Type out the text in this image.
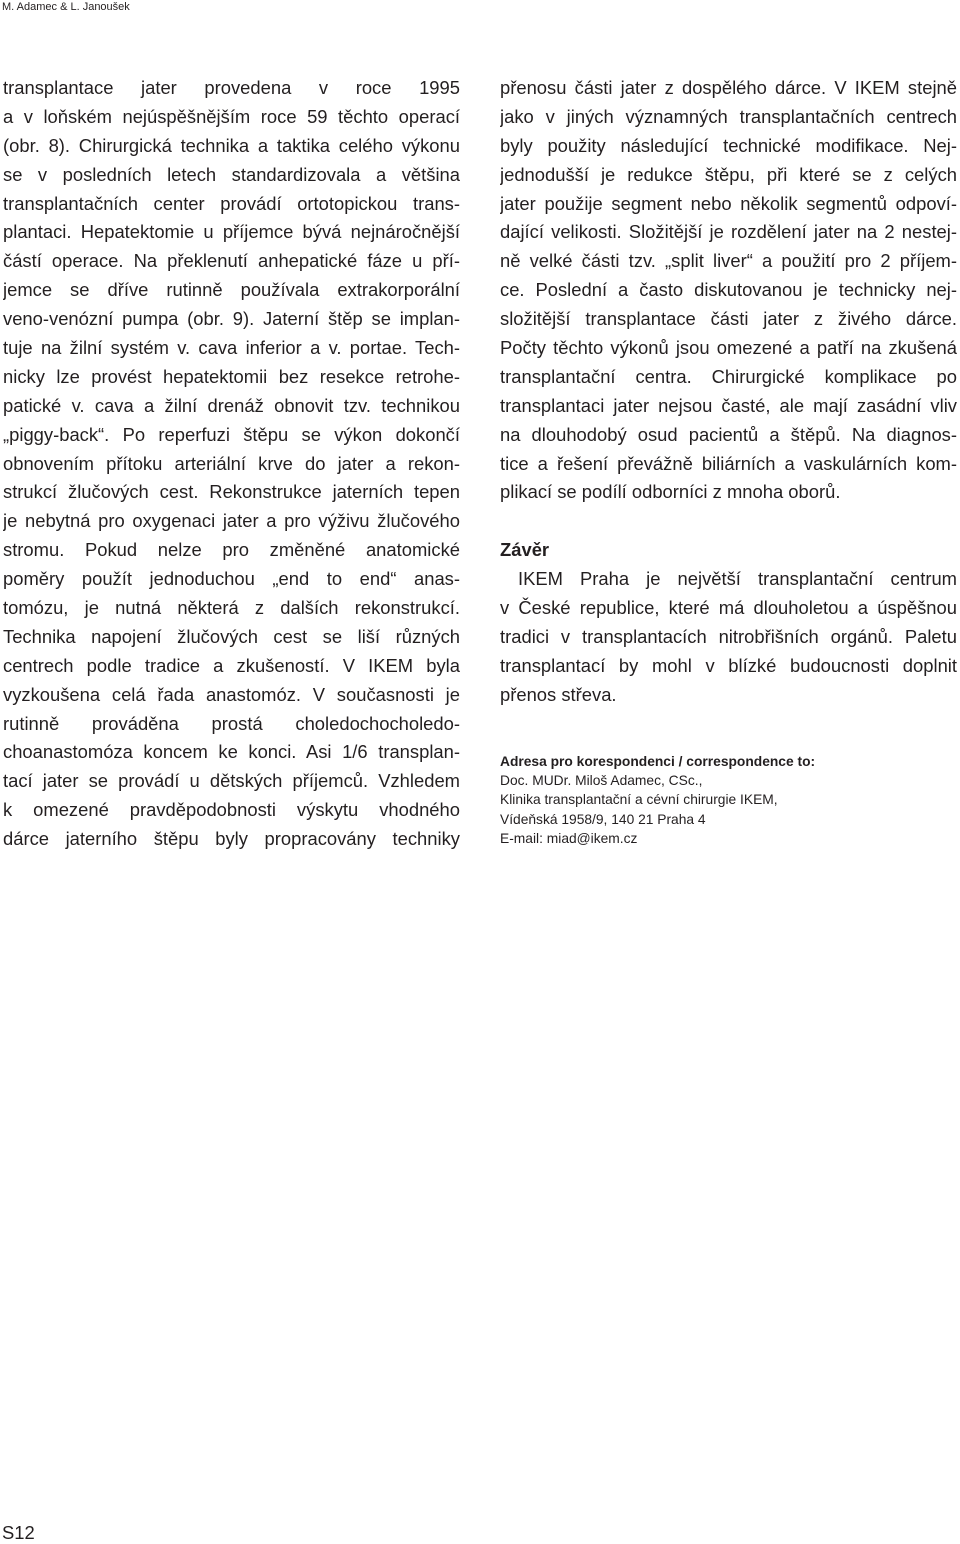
M. Adamec & L. Janoušek
transplantace jater provedena v roce 1995
a v loňském nejúspěšnějším roce 59 těchto operací
(obr. 8). Chirurgická technika a taktika celého výkonu
se v posledních letech standardizovala a většina
transplantačních center provádí ortotopickou trans-
plantaci. Hepatektomie u příjemce bývá nejnáročnější
částí operace. Na překlenutí anhepatické fáze u pří-
jemce se dříve rutinně používala extrakorporální
veno-venózní pumpa (obr. 9). Jaterní štěp se implan-
tuje na žilní systém v. cava inferior a v. portae. Tech-
nicky lze provést hepatektomii bez resekce retrohe-
patické v. cava a žilní drenáž obnovit tzv. technikou
„piggy-back“. Po reperfuzi štěpu se výkon dokončí
obnovením přítoku arteriální krve do jater a rekon-
strukcí žlučových cest. Rekonstrukce jaterních tepen
je nebytná pro oxygenaci jater a pro výživu žlučového
stromu. Pokud nelze pro změněné anatomické
poměry použít jednoduchou „end to end“ anas-
tomózu, je nutná některá z dalších rekonstrukcí.
Technika napojení žlučových cest se liší různých
centrech podle tradice a zkušeností. V IKEM byla
vyzkoušena celá řada anastomóz. V současnosti je
rutinně prováděna prostá choledochocholedo-
choanastomóza koncem ke konci. Asi 1/6 transplan-
tací jater se provádí u dětských příjemců. Vzhledem
k omezené pravděpodobnosti výskytu vhodného
dárce jaterního štěpu byly propracovány techniky
přenosu části jater z dospělého dárce. V IKEM stejně
jako v jiných významných transplantačních centrech
byly použity následující technické modifikace. Nej-
jednodušší je redukce štěpu, při které se z celých
jater použije segment nebo několik segmentů odpoví-
dající velikosti. Složitější je rozdělení jater na 2 nestej-
ně velké části tzv. „split liver“ a použití pro 2 příjem-
ce. Poslední a často diskutovanou je technicky nej-
složitější transplantace části jater z živého dárce.
Počty těchto výkonů jsou omezené a patří na zkušená
transplantační centra. Chirurgické komplikace po
transplantaci jater nejsou časté, ale mají zasádní vliv
na dlouhodobý osud pacientů a štěpů. Na diagnos-
tice a řešení převážně biliárních a vaskulárních kom-
plikací se podílí odborníci z mnoha oborů.
Závěr
IKEM Praha je největší transplantační centrum
v České republice, které má dlouholetou a úspěšnou
tradici v transplantacích nitrobřišních orgánů. Paletu
transplantací by mohl v blízké budoucnosti doplnit
přenos střeva.
Adresa pro korespondenci / correspondence to:
Doc. MUDr. Miloš Adamec, CSc.,
Klinika transplantační a cévní chirurgie IKEM,
Vídeňská 1958/9, 140 21 Praha 4
E-mail: miad@ikem.cz
S12
